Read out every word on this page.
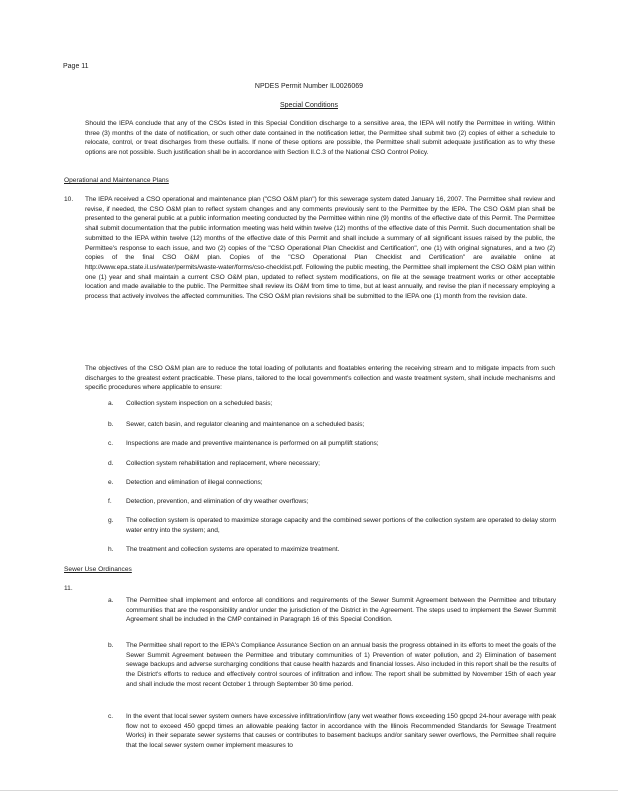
Page 11
NPDES Permit Number IL0026069
Special Conditions

Should the IEPA conclude that any of the CSOs listed in this Special Condition discharge to a sensitive area, the IEPA will notify the Permittee in writing. Within three (3) months of the date of notification, or such other date contained in the notification letter, the Permittee shall submit two (2) copies of either a schedule to relocate, control, or treat discharges from these outfalls. If none of these options are possible, the Permittee shall submit adequate justification as to why these options are not possible. Such justification shall be in accordance with Section II.C.3 of the National CSO Control Policy.

Operational and Maintenance Plans
10. The IEPA received a CSO operational and maintenance plan ("CSO O&M plan") for this sewerage system dated January 16, 2007. The Permittee shall review and revise, if needed, the CSO O&M plan to reflect system changes and any comments previously sent to the Permittee by the IEPA. The CSO O&M plan shall be presented to the general public at a public information meeting conducted by the Permittee within nine (9) months of the effective date of this Permit. The Permittee shall submit documentation that the public information meeting was held within twelve (12) months of the effective date of this Permit. Such documentation shall be submitted to the IEPA within twelve (12) months of the effective date of this Permit and shall include a summary of all significant issues raised by the public, the Permittee's response to each issue, and two (2) copies of the "CSO Operational Plan Checklist and Certification", one (1) with original signatures, and a two (2) copies of the final CSO O&M plan. Copies of the "CSO Operational Plan Checklist and Certification" are available online at http://www.epa.state.il.us/water/permits/waste-water/forms/cso-checklist.pdf. Following the public meeting, the Permittee shall implement the CSO O&M plan within one (1) year and shall maintain a current CSO O&M plan, updated to reflect system modifications, on file at the sewage treatment works or other acceptable location and made available to the public. The Permittee shall review its O&M from time to time, but at least annually, and revise the plan if necessary employing a process that actively involves the affected communities. The CSO O&M plan revisions shall be submitted to the IEPA one (1) month from the revision date.

The objectives of the CSO O&M plan are to reduce the total loading of pollutants and floatables entering the receiving stream and to mitigate impacts from such discharges to the greatest extent practicable. These plans, tailored to the local government's collection and waste treatment system, shall include mechanisms and specific procedures where applicable to ensure:

a. Collection system inspection on a scheduled basis;
b. Sewer, catch basin, and regulator cleaning and maintenance on a scheduled basis;
c. Inspections are made and preventive maintenance is performed on all pump/lift stations;
d. Collection system rehabilitation and replacement, where necessary;
e. Detection and elimination of illegal connections;
f. Detection, prevention, and elimination of dry weather overflows;
g. The collection system is operated to maximize storage capacity and the combined sewer portions of the collection system are operated to delay storm water entry into the system; and,
h. The treatment and collection systems are operated to maximize treatment.
Sewer Use Ordinances
11.
a. The Permittee shall implement and enforce all conditions and requirements of the Sewer Summit Agreement between the Permittee and tributary communities that are the responsibility and/or under the jurisdiction of the District in the Agreement. The steps used to implement the Sewer Summit Agreement shall be included in the CMP contained in Paragraph 16 of this Special Condition.

b. The Permittee shall report to the IEPA's Compliance Assurance Section on an annual basis the progress obtained in its efforts to meet the goals of the Sewer Summit Agreement between the Permittee and tributary communities of 1) Prevention of water pollution, and 2) Elimination of basement sewage backups and adverse surcharging conditions that cause health hazards and financial losses. Also included in this report shall be the results of the District's efforts to reduce and effectively control sources of infiltration and inflow. The report shall be submitted by November 15th of each year and shall include the most recent October 1 through September 30 time period.

c. In the event that local sewer system owners have excessive infiltration/inflow (any wet weather flows exceeding 150 gpcpd 24-hour average with peak flow not to exceed 450 gpcpd times an allowable peaking factor in accordance with the Illinois Recommended Standards for Sewage Treatment Works) in their separate sewer systems that causes or contributes to basement backups and/or sanitary sewer overflows, the Permittee shall require that the local sewer system owner implement measures to
